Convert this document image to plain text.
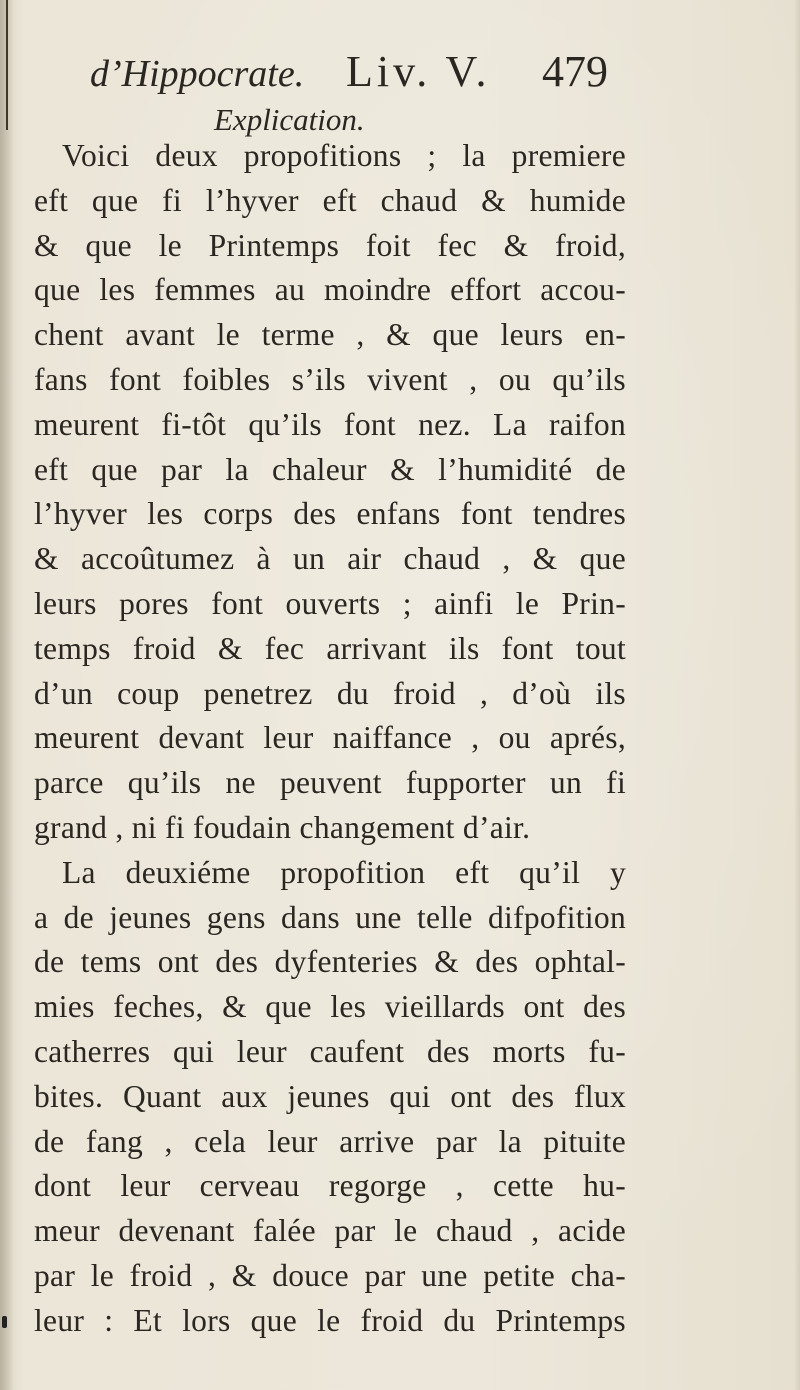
d’Hippocrate. Liv. V. 479
Explication.
Voici deux propofitions ; la premiere
eft que fi l’hyver eft chaud & humide
& que le Printemps foit fec & froid,
que les femmes au moindre effort accou-
chent avant le terme , & que leurs en-
fans font foibles s’ils vivent , ou qu’ils
meurent fi-tôt qu’ils font nez. La raifon
eft que par la chaleur & l’humidité de
l’hyver les corps des enfans font tendres
& accoûtumez à un air chaud , & que
leurs pores font ouverts ; ainfi le Prin-
temps froid & fec arrivant ils font tout
d’un coup penetrez du froid , d’où ils
meurent devant leur naiffance , ou aprés,
parce qu’ils ne peuvent fupporter un fi
grand , ni fi foudain changement d’air.
La deuxiéme propofition eft qu’il y
a de jeunes gens dans une telle difpofition
de tems ont des dyfenteries & des ophtal-
mies feches, & que les vieillards ont des
catherres qui leur caufent des morts fu-
bites. Quant aux jeunes qui ont des flux
de fang , cela leur arrive par la pituite
dont leur cerveau regorge , cette hu-
meur devenant falée par le chaud , acide
par le froid , & douce par une petite cha-
leur : Et lors que le froid du Printemps
